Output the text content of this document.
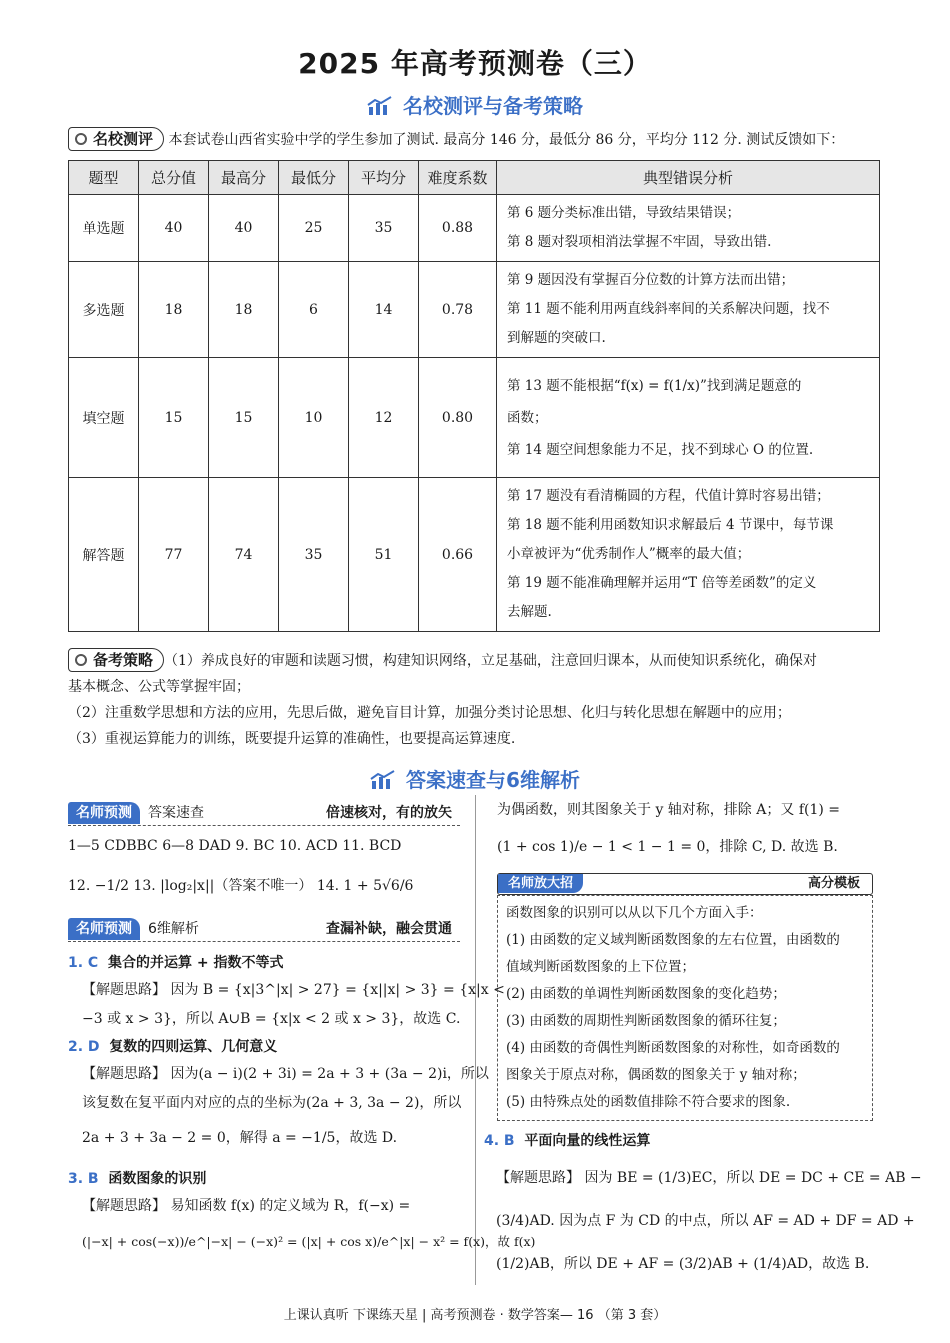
2025 年高考预测卷（三）
名校测评与备考策略
名校测评 本套试卷山西省实验中学的学生参加了测试. 最高分 146 分，最低分 86 分，平均分 112 分. 测试反馈如下：
题型	总分值	最高分	最低分	平均分	难度系数	典型错误分析
单选题	40	40	25	35	0.88	第 6 题分类标准出错，导致结果错误；
第 8 题对裂项相消法掌握不牢固，导致出错.

多选题	18	18	6	14	0.78	第 9 题因没有掌握百分位数的计算方法而出错；
第 11 题不能利用两直线斜率间的关系解决问题，找不
到解题的突破口.

填空题	15	15	10	12	0.80	第 13 题不能根据“f(x) = f(1/x)”找到满足题意的
函数；
第 14 题空间想象能力不足，找不到球心 O 的位置.

解答题	77	74	35	51	0.66	第 17 题没有看清椭圆的方程，代值计算时容易出错；
第 18 题不能利用函数知识求解最后 4 节课中，每节课
小章被评为“优秀制作人”概率的最大值；
第 19 题不能准确理解并运用“T 倍等差函数”的定义
去解题.
备考策略 （1）养成良好的审题和读题习惯，构建知识网络，立足基础，注意回归课本，从而使知识系统化，确保对
基本概念、公式等掌握牢固；
（2）注重数学思想和方法的应用，先思后做，避免盲目计算，加强分类讨论思想、化归与转化思想在解题中的应用；
（3）重视运算能力的训练，既要提升运算的准确性，也要提高运算速度.
答案速查与6维解析
名师预测 答案速查	倍速核对，有的放矢
1—5 CDBBC 6—8 DAD 9. BC 10. ACD 11. BCD
12. −1/2 13. |log₂|x||（答案不唯一） 14. 1 + 5√6/6
名师预测 6维解析	查漏补缺，融会贯通
1. C 集合的并运算 + 指数不等式
【解题思路】 因为 B = {x|3^|x| > 27} = {x||x| > 3} = {x|x <
−3 或 x > 3}，所以 A∪B = {x|x < 2 或 x > 3}，故选 C.
2. D 复数的四则运算、几何意义
【解题思路】 因为(a − i)(2 + 3i) = 2a + 3 + (3a − 2)i，所以
该复数在复平面内对应的点的坐标为(2a + 3, 3a − 2)，所以
2a + 3 + 3a − 2 = 0，解得 a = −1/5，故选 D.
3. B 函数图象的识别
【解题思路】 易知函数 f(x) 的定义域为 R，f(−x) =
(|−x| + cos(−x))/e^|−x| − (−x)² = (|x| + cos x)/e^|x| − x² = f(x)，故 f(x)
为偶函数，则其图象关于 y 轴对称，排除 A；又 f(1) =
(1 + cos 1)/e − 1 < 1 − 1 = 0，排除 C, D. 故选 B.
名师放大招	高分模板
函数图象的识别可以从以下几个方面入手：
(1) 由函数的定义域判断函数图象的左右位置，由函数的
值域判断函数图象的上下位置；
(2) 由函数的单调性判断函数图象的变化趋势；
(3) 由函数的周期性判断函数图象的循环往复；
(4) 由函数的奇偶性判断函数图象的对称性，如奇函数的
图象关于原点对称，偶函数的图象关于 y 轴对称；
(5) 由特殊点处的函数值排除不符合要求的图象.
4. B 平面向量的线性运算
【解题思路】 因为 BE = (1/3)EC，所以 DE = DC + CE = AB −
(3/4)AD. 因为点 F 为 CD 的中点，所以 AF = AD + DF = AD +
(1/2)AB，所以 DE + AF = (3/2)AB + (1/4)AD，故选 B.
上课认真听 下课练天星 | 高考预测卷 · 数学答案— 16 （第 3 套）
